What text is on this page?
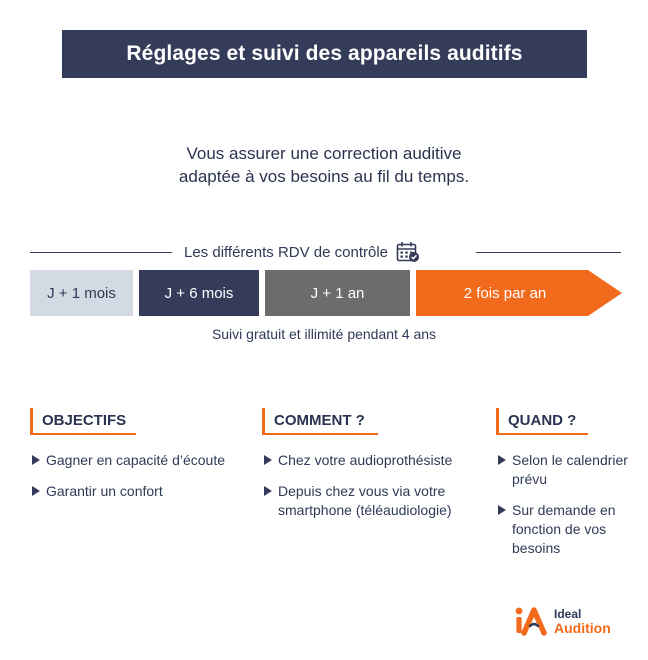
Réglages et suivi des appareils auditifs
Vous assurer une correction auditive
adaptée à vos besoins au fil du temps.
Les différents RDV de contrôle
J + 1 mois	J + 6 mois	J + 1 an	2 fois par an
Suivi gratuit et illimité pendant 4 ans
OBJECTIFS
Gagner en capacité d’écoute
Garantir un confort
COMMENT ?
Chez votre audioprothésiste
Depuis chez vous via votre smartphone (téléaudiologie)
QUAND ?
Selon le calendrier prévu
Sur demande en fonction de vos besoins
Ideal
Audition
